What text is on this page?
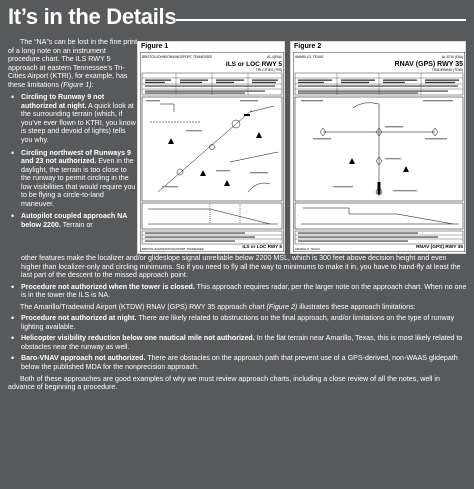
It’s in the Details

The “NA”s can be lost in the fine print of a long note on an instrument procedure chart. The ILS RWY 5 approach at eastern Tennessee’s Tri-Cities Airport (KTRI), for example, has these limitations (Figure 1):

• Circling to Runway 9 not authorized at night. A quick look at the surrounding terrain (which, if you’ve ever flown to KTRI, you know is steep and devoid of lights) tells you why.
• Circling northwest of Runways 9 and 23 not authorized. Even in the daylight, the terrain is too close to the runway to permit circling in the low visibilities that would require you to be flying a circle-to-land maneuver.
• Autopilot coupled approach NA below 2200. Terrain or
Figure 1
BRISTOL/JOHNSON/KINGSPORT, TENNESSEE	AL-4(FAA)
ILS or LOC RWY 5
TRI-CITIES (TRI)
BRISTOL/JOHNSON/KINGSPORT, TENNESSEE	ILS or LOC RWY 5
Figure 2
AMARILLO, TEXAS	AL-6716 (FAA)
RNAV (GPS) RWY 35
TRADEWIND (TDW)
AMARILLO, TEXAS	RNAV (GPS) RWY 35
other features make the localizer and/or glideslope signal unreliable below 2200 MSL, which is 300 feet above decision height and even higher than localizer-only and circling minimums. So if you need to fly all the way to minimums to make it in, you have to hand-fly at least the last part of the descent to the missed approach point.
• Procedure not authorized when the tower is closed. This approach requires radar, per the larger note on the approach chart. When no one is in the tower the ILS is NA.

The Amarillo/Tradewind Airport (KTDW) RNAV (GPS) RWY 35 approach chart (Figure 2) illustrates these approach limitations:

• Procedure not authorized at night. There are likely related to obstructions on the final approach, and/or limitations on the type of runway lighting available.
• Helicopter visibility reduction below one nautical mile not authorized. In the flat terrain near Amarillo, Texas, this is most likely related to obstacles near the runway as well.
• Baro-VNAV approach not authorized. There are obstacles on the approach path that prevent use of a GPS-derived, non-WAAS glidepath below the published MDA for the nonprecision approach.

Both of these approaches are good examples of why we must review approach charts, including a close review of all the notes, well in advance of beginning a procedure.
